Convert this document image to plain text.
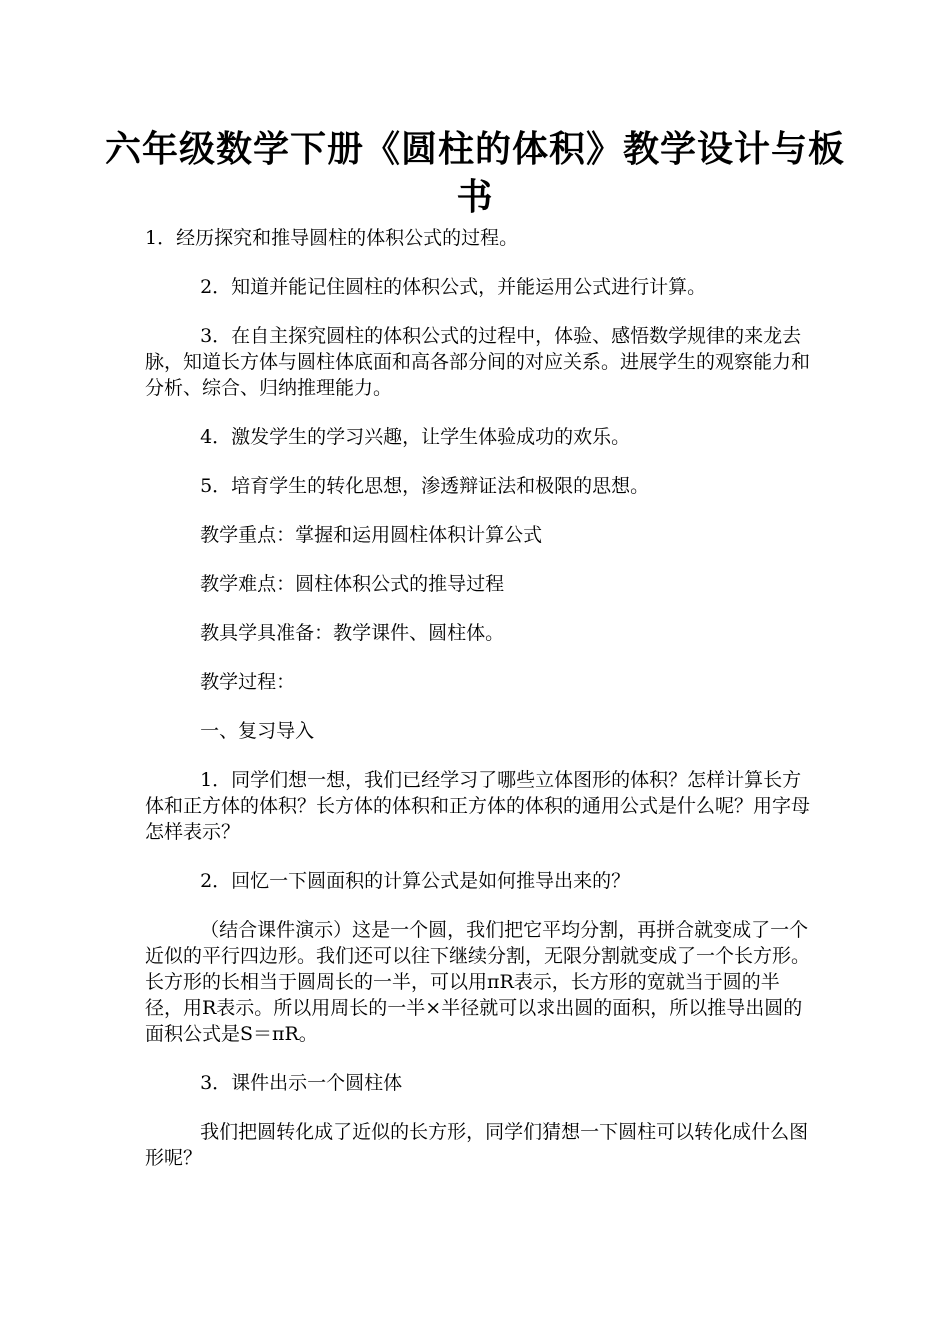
六年级数学下册《圆柱的体积》教学设计与板书

1．经历探究和推导圆柱的体积公式的过程。

2．知道并能记住圆柱的体积公式，并能运用公式进行计算。

3．在自主探究圆柱的体积公式的过程中，体验、感悟数学规律的来龙去脉，知道长方体与圆柱体底面和高各部分间的对应关系。进展学生的观察能力和分析、综合、归纳推理能力。

4．激发学生的学习兴趣，让学生体验成功的欢乐。

5．培育学生的转化思想，渗透辩证法和极限的思想。

教学重点：掌握和运用圆柱体积计算公式

教学难点：圆柱体积公式的推导过程

教具学具准备：教学课件、圆柱体。

教学过程：

一、复习导入

1．同学们想一想，我们已经学习了哪些立体图形的体积？怎样计算长方体和正方体的体积？长方体的体积和正方体的体积的通用公式是什么呢？用字母怎样表示？

2．回忆一下圆面积的计算公式是如何推导出来的？

（结合课件演示）这是一个圆，我们把它平均分割，再拼合就变成了一个近似的平行四边形。我们还可以往下继续分割，无限分割就变成了一个长方形。长方形的长相当于圆周长的一半，可以用πR表示，长方形的宽就当于圆的半径，用R表示。所以用周长的一半×半径就可以求出圆的面积，所以推导出圆的面积公式是S＝πR。

3．课件出示一个圆柱体

我们把圆转化成了近似的长方形，同学们猜想一下圆柱可以转化成什么图形呢？
